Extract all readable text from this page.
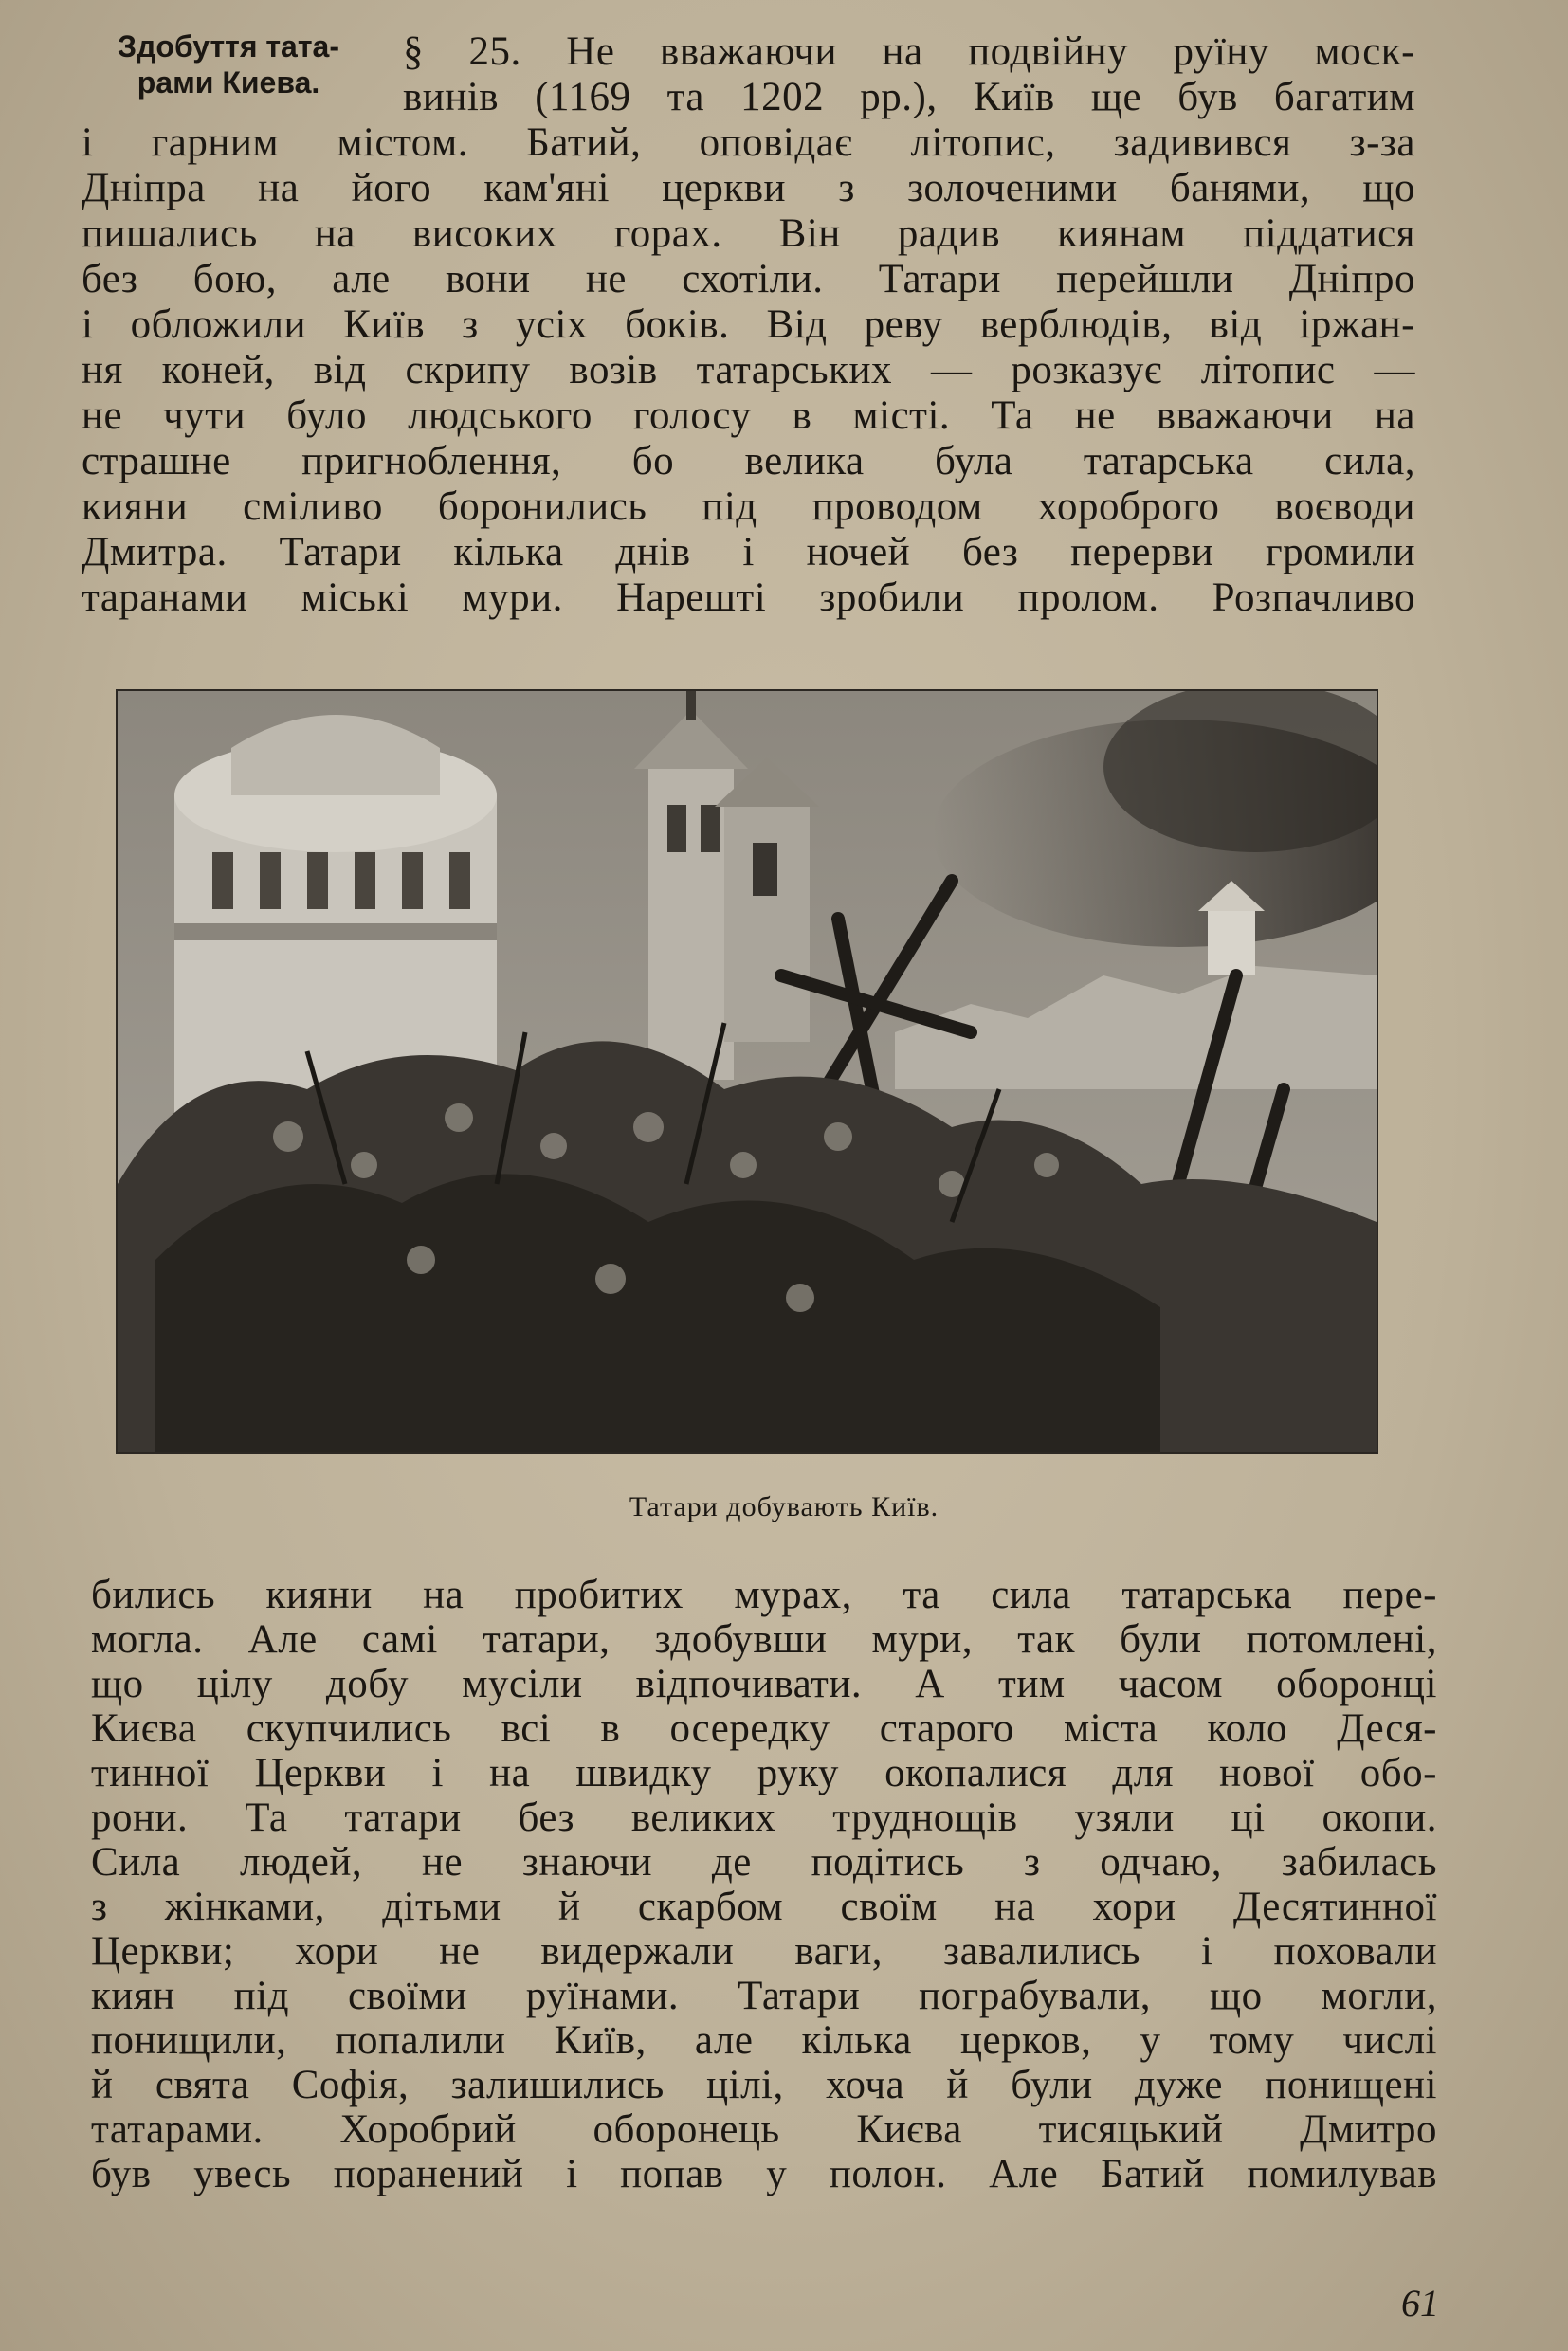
Здобуття тата-
рами Киева.
§ 25. Не вважаючи на подвійну руїну моск-
винів (1169 та 1202 рр.), Київ ще був багатим
і гарним містом. Батий, оповідає літопис, задивився з-за
Дніпра на його кам'яні церкви з золоченими банями, що
пишались на високих горах. Він радив киянам піддатися
без бою, але вони не схотіли. Татари перейшли Дніпро
і обложили Київ з усіх боків. Від реву верблюдів, від іржан-
ня коней, від скрипу возів татарських — розказує літопис —
не чути було людського голосу в місті. Та не вважаючи на
страшне пригноблення, бо велика була татарська сила,
кияни сміливо боронились під проводом хороброго воєводи
Дмитра. Татари кілька днів і ночей без перерви громили
таранами міські мури. Нарешті зробили пролом. Розпачливо
Татари добувають Київ.
бились кияни на пробитих мурах, та сила татарська пере-
могла. Але самі татари, здобувши мури, так були потомлені,
що цілу добу мусіли відпочивати. А тим часом оборонці
Києва скупчились всі в осередку старого міста коло Деся-
тинної Церкви і на швидку руку окопалися для нової обо-
рони. Та татари без великих труднощів узяли ці окопи.
Сила людей, не знаючи де подітись з одчаю, забилась
з жінками, дітьми й скарбом своїм на хори Десятинної
Церкви; хори не видержали ваги, завалились і поховали
киян під своїми руїнами. Татари пограбували, що могли,
понищили, попалили Київ, але кілька церков, у тому числі
й свята Софія, залишились цілі, хоча й були дуже понищені
татарами. Хоробрий оборонець Києва тисяцький Дмитро
був увесь поранений і попав у полон. Але Батий помилував
61
